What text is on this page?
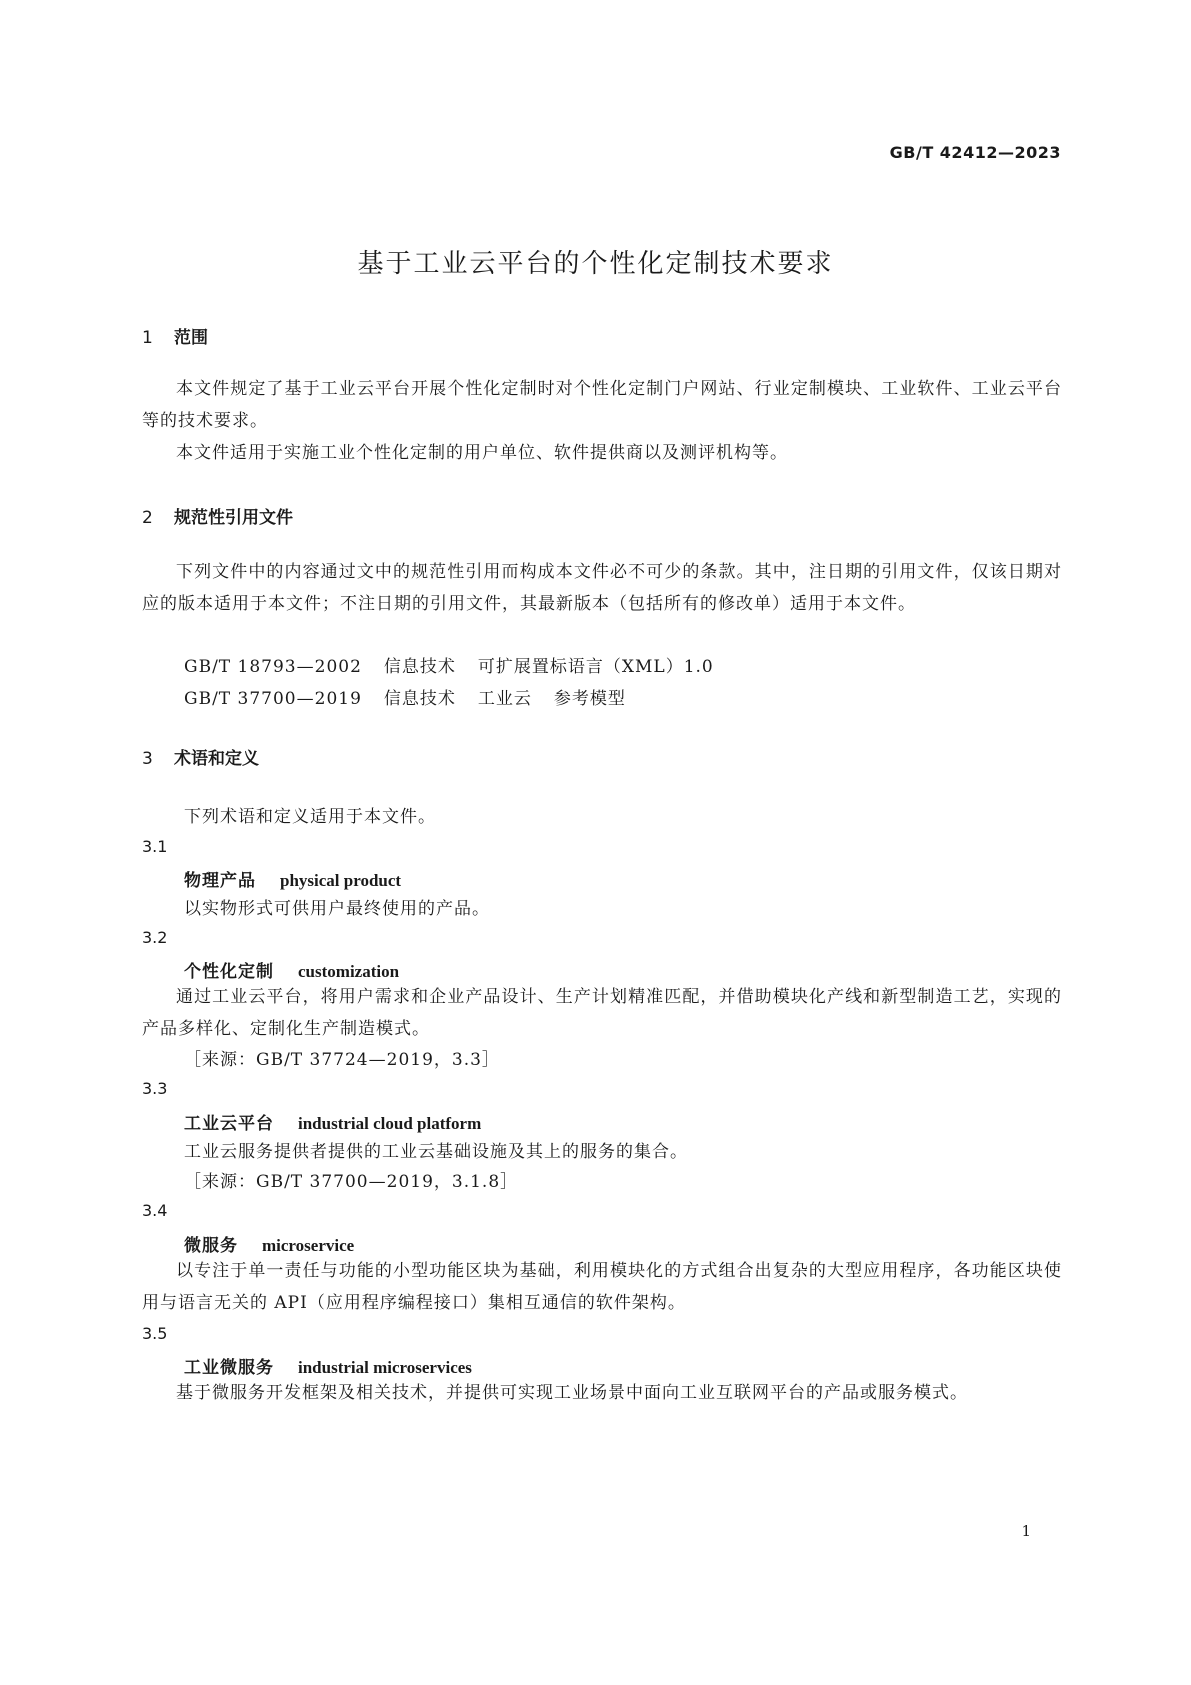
GB/T 42412—2023
基于工业云平台的个性化定制技术要求
1 范围
本文件规定了基于工业云平台开展个性化定制时对个性化定制门户网站、行业定制模块、工业软件、工业云平台等的技术要求。
本文件适用于实施工业个性化定制的用户单位、软件提供商以及测评机构等。
2 规范性引用文件
下列文件中的内容通过文中的规范性引用而构成本文件必不可少的条款。其中，注日期的引用文件，仅该日期对应的版本适用于本文件；不注日期的引用文件，其最新版本（包括所有的修改单）适用于本文件。
GB/T 18793—2002 信息技术 可扩展置标语言（XML）1.0
GB/T 37700—2019 信息技术 工业云 参考模型
3 术语和定义
下列术语和定义适用于本文件。
3.1
物理产品 physical product
以实物形式可供用户最终使用的产品。
3.2
个性化定制 customization
通过工业云平台，将用户需求和企业产品设计、生产计划精准匹配，并借助模块化产线和新型制造工艺，实现的产品多样化、定制化生产制造模式。
［来源：GB/T 37724—2019，3.3］
3.3
工业云平台 industrial cloud platform
工业云服务提供者提供的工业云基础设施及其上的服务的集合。
［来源：GB/T 37700—2019，3.1.8］
3.4
微服务 microservice
以专注于单一责任与功能的小型功能区块为基础，利用模块化的方式组合出复杂的大型应用程序，各功能区块使用与语言无关的 API（应用程序编程接口）集相互通信的软件架构。
3.5
工业微服务 industrial microservices
基于微服务开发框架及相关技术，并提供可实现工业场景中面向工业互联网平台的产品或服务模式。
1
